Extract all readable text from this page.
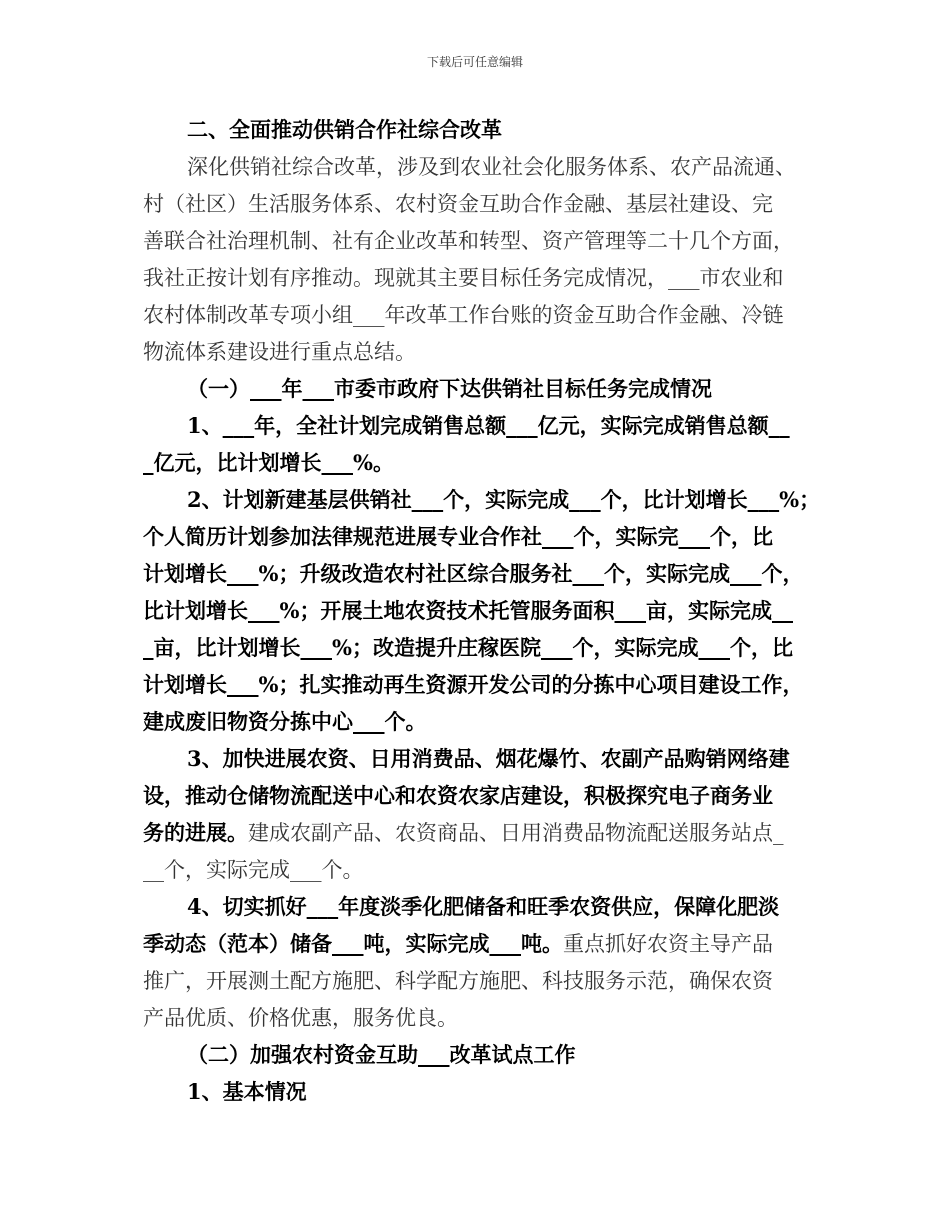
下载后可任意编辑
二、全面推动供销合作社综合改革
深化供销社综合改革，涉及到农业社会化服务体系、农产品流通、
村（社区）生活服务体系、农村资金互助合作金融、基层社建设、完
善联合社治理机制、社有企业改革和转型、资产管理等二十几个方面，
我社正按计划有序推动。现就其主要目标任务完成情况，___市农业和
农村体制改革专项小组___年改革工作台账的资金互助合作金融、冷链
物流体系建设进行重点总结。
（一）___年___市委市政府下达供销社目标任务完成情况
1、___年，全社计划完成销售总额___亿元，实际完成销售总额__
_亿元，比计划增长___%。
2、计划新建基层供销社___个，实际完成___个，比计划增长___%；
个人简历计划参加法律规范进展专业合作社___个，实际完___个，比
计划增长___%；升级改造农村社区综合服务社___个，实际完成___个，
比计划增长___%；开展土地农资技术托管服务面积___亩，实际完成__
_亩，比计划增长___%；改造提升庄稼医院___个，实际完成___个，比
计划增长___%；扎实推动再生资源开发公司的分拣中心项目建设工作，
建成废旧物资分拣中心___个。
3、加快进展农资、日用消费品、烟花爆竹、农副产品购销网络建
设，推动仓储物流配送中心和农资农家店建设，积极探究电子商务业
务的进展。建成农副产品、农资商品、日用消费品物流配送服务站点_
__个，实际完成___个。
4、切实抓好___年度淡季化肥储备和旺季农资供应，保障化肥淡
季动态（范本）储备___吨，实际完成___吨。重点抓好农资主导产品
推广，开展测土配方施肥、科学配方施肥、科技服务示范，确保农资
产品优质、价格优惠，服务优良。
（二）加强农村资金互助___改革试点工作
1、基本情况
